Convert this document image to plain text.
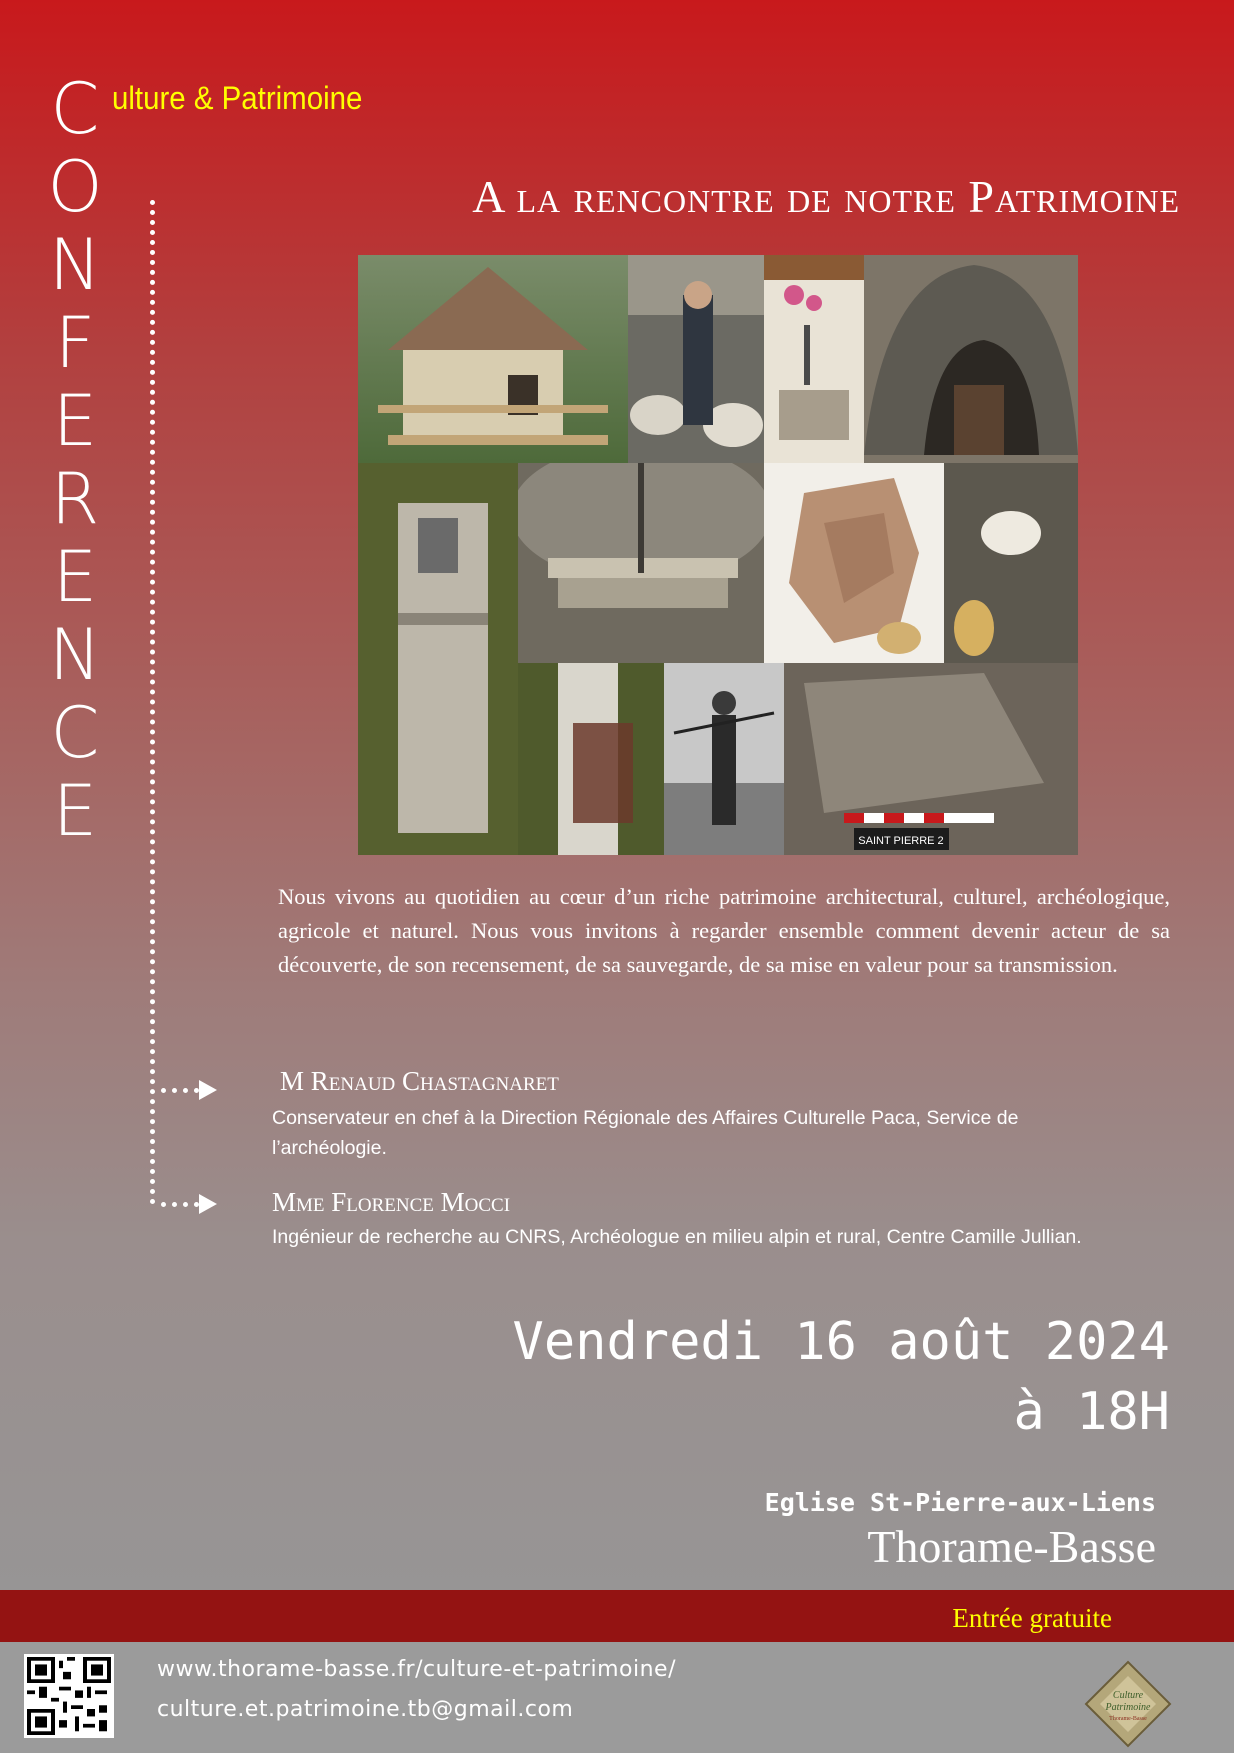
C
O
N
F
E
R
E
N
C
E
ulture & Patrimoine
A la rencontre de notre Patrimoine
SAINT PIERRE 2
Nous vivons au quotidien au cœur d’un riche patrimoine architectural, culturel, archéologique, agricole et naturel. Nous vous invitons à regarder ensemble comment devenir acteur de sa découverte, de son recensement, de sa sauvegarde, de sa mise en valeur pour sa transmission.
M Renaud Chastagnaret
Conservateur en chef à la Direction Régionale des Affaires Culturelle Paca, Service de l’archéologie.
Mme Florence Mocci
Ingénieur de recherche au CNRS, Archéologue en milieu alpin et rural, Centre Camille Jullian.
Vendredi 16 août 2024
à 18H
Eglise St-Pierre-aux-Liens
Thorame-Basse
Entrée gratuite
www.thorame-basse.fr/culture-et-patrimoine/
culture.et.patrimoine.tb@gmail.com
Culture
Patrimoine
Thorame-Basse
